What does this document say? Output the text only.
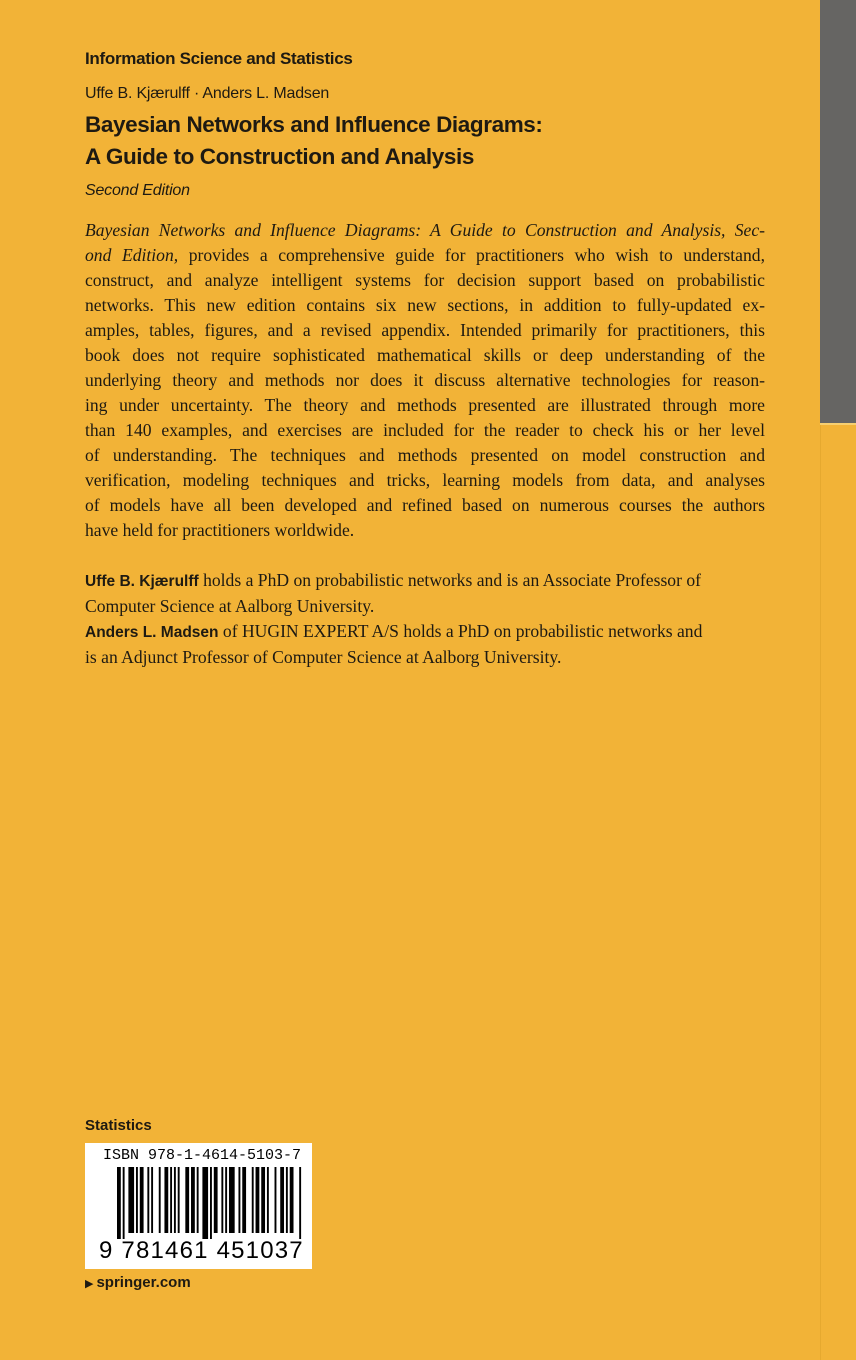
Information Science and Statistics
Uffe B. Kjærulff · Anders L. Madsen
Bayesian Networks and Influence Diagrams:
A Guide to Construction and Analysis
Second Edition
Bayesian Networks and Influence Diagrams: A Guide to Construction and Analysis, Sec-
ond Edition, provides a comprehensive guide for practitioners who wish to understand,
construct, and analyze intelligent systems for decision support based on probabilistic
networks. This new edition contains six new sections, in addition to fully-updated ex-
amples, tables, figures, and a revised appendix. Intended primarily for practitioners, this
book does not require sophisticated mathematical skills or deep understanding of the
underlying theory and methods nor does it discuss alternative technologies for reason-
ing under uncertainty. The theory and methods presented are illustrated through more
than 140 examples, and exercises are included for the reader to check his or her level
of understanding. The techniques and methods presented on model construction and
verification, modeling techniques and tricks, learning models from data, and analyses
of models have all been developed and refined based on numerous courses the authors
have held for practitioners worldwide.
Uffe B. Kjærulff holds a PhD on probabilistic networks and is an Associate Professor of
Computer Science at Aalborg University.
Anders L. Madsen of HUGIN EXPERT A/S holds a PhD on probabilistic networks and
is an Adjunct Professor of Computer Science at Aalborg University.
Statistics
ISBN 978-1-4614-5103-7
9 781461 451037
▶ springer.com
